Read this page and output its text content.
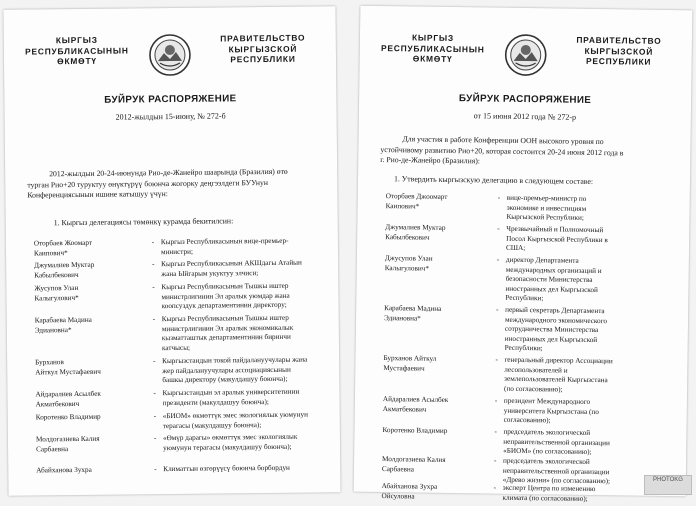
КЫРГЫЗ
РЕСПУБЛИКАСЫНЫН
ӨКМӨТҮ
ПРАВИТЕЛЬСТВО
КЫРГЫЗСКОЙ
РЕСПУБЛИКИ
БУЙРУК РАСПОРЯЖЕНИЕ
2012-жылдын 15-июну, № 272-б
2012-жылдын 20-24-июнунда Рио-де-Жанейро шаарында (Бразилия) өтө
турган Рио+20 туруктуу өнүктүрүү боюнча жогорку деңгээлдеги БУУнун
Конференциясынын ишине катышуу үчүн:
1. Кыргыз делегациясы төмөнкү курамда бекитилсин:
Оторбаев Жоомарт
Каипович*
- Кыргыз Республикасынын вице-премьер-
министри;
Джумалиев Муктар
Кабылбекович
- Кыргыз Республикасынын АКШдагы Атайын
жана Ыйгарым укуктуу элчиси;
Жусупов Улан
Калыгулович*
- Кыргыз Республикасынын Тышкы иштер
министрлигинин Эл аралык уюмдар жана
коопсуздук департаментинин директору;
Карабаева Мадина
Эдиановна*
- Кыргыз Республикасынын Тышкы иштер
министрлигинин Эл аралык экономикалык
кызматташтык департаментинин биринчи
катчысы;
Бурханов
Айткул Мустафаевич
- Кыргызстандын токой пайдалануучулары жана
жер пайдалануучулары ассоциациясынын
башкы директору (макулдашуу боюнча);
Айдаралиев Асылбек
Акматбекович
- Кыргызстандын эл аралык университетинин
президенти (макулдашуу боюнча);
Коротенко Владимир	- «БИОМ» өкмөттүк эмес экологиялык уюмунун
терагасы (макулдашуу боюнча);
Молдогазиева Калия
Сарбаевна
- «Өмүр дарагы» өкмөттүк эмес экологиялык
уюмунун терагасы (макулдашуу боюнча);
Абайханова Зухра	- Климаттын өзгөрүүсү боюнча борбордун
КЫРГЫЗ
РЕСПУБЛИКАСЫНЫН
ӨКМӨТҮ
ПРАВИТЕЛЬСТВО
КЫРГЫЗСКОЙ
РЕСПУБЛИКИ
БУЙРУК РАСПОРЯЖЕНИЕ
от 15 июня 2012 года № 272-р
Для участия в работе Конференции ООН высокого уровня по
устойчивому развитию Рио+20, которая состоится 20-24 июня 2012 года в
г. Рио-де-Жанейро (Бразилия):
1. Утвердить кыргызскую делегацию в следующем составе:
Оторбаев Джоомарт
Каипович*
- вице-премьер-министр по
экономике и инвестициям
Кыргызской Республики;
Джумалиев Муктар
Кабылбекович
- Чрезвычайный и Полномочный
Посол Кыргызской Республики в
США;
Джусупов Улан
Калыгулович*
- директор Департамента
международных организаций и
безопасности Министерства
иностранных дел Кыргызской
Республики;
Карабаева Мадина
Эдиановна*
- первый секретарь Департамента
международного экономического
сотрудничества Министерства
иностранных дел Кыргызской
Республики;
Бурханов Айткул
Мустафаевич
- генеральный директор Ассоциации
лесопользователей и
землепользователей Кыргызстана
(по согласованию);
Айдаралиев Асылбек
Акматбекович
- президент Международного
университета Кыргызстана (по
согласованию);
Коротенко Владимир	- председатель экологической
неправительственной организации
«БИОМ» (по согласованию);
Молдогазиева Калия
Сарбаевна
- председатель экологической
неправительственной организации
«Древо жизни» (по согласованию);
Абайханова Зухра
Ойсуловна
- эксперт Центра по изменению
климата (по согласованию);
PHOTOKG
